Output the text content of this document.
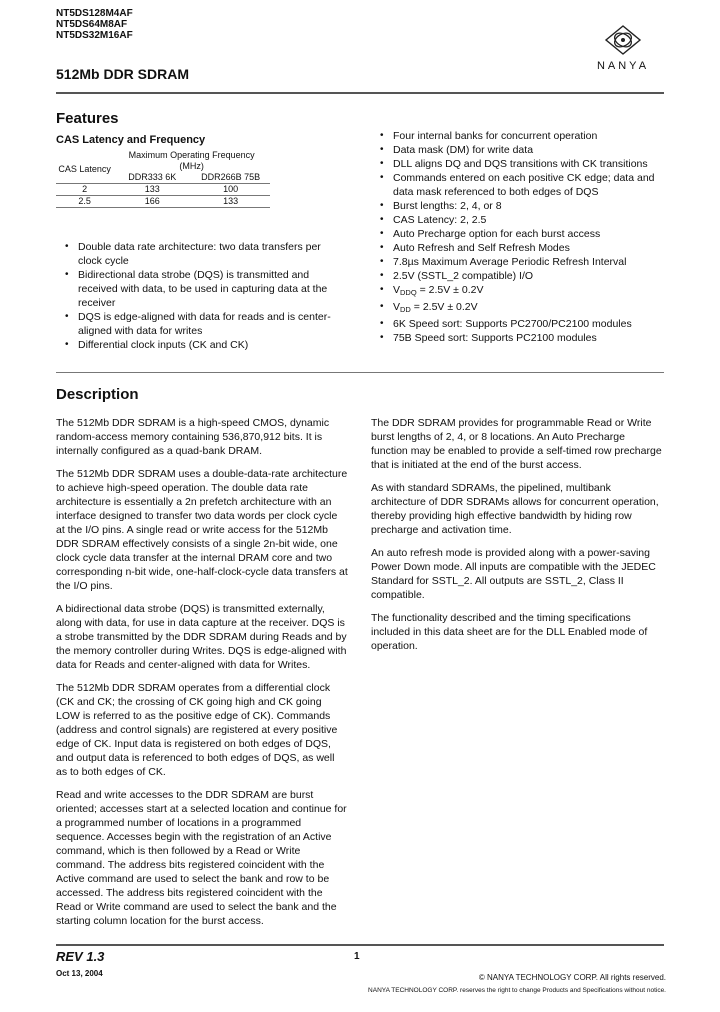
NT5DS128M4AF
NT5DS64M8AF
NT5DS32M16AF
512Mb DDR SDRAM	NANYA
Features
CAS Latency and Frequency
CAS Latency	Maximum Operating Frequency (MHz)	
	DDR333 6K	DDR266B 75B
2	133	100
2.5	166	133
• Double data rate architecture: two data transfers per clock cycle
• Bidirectional data strobe (DQS) is transmitted and received with data, to be used in capturing data at the receiver
• DQS is edge-aligned with data for reads and is center-aligned with data for writes
• Differential clock inputs (CK and CK)
• Four internal banks for concurrent operation
• Data mask (DM) for write data
• DLL aligns DQ and DQS transitions with CK transitions
• Commands entered on each positive CK edge; data and data mask referenced to both edges of DQS
• Burst lengths: 2, 4, or 8
• CAS Latency: 2, 2.5
• Auto Precharge option for each burst access
• Auto Refresh and Self Refresh Modes
• 7.8µs Maximum Average Periodic Refresh Interval
• 2.5V (SSTL_2 compatible) I/O
• VDDQ = 2.5V ± 0.2V
• VDD = 2.5V ± 0.2V
• 6K Speed sort: Supports PC2700/PC2100 modules
• 75B Speed sort: Supports PC2100 modules
Description

The 512Mb DDR SDRAM is a high-speed CMOS, dynamic random-access memory containing 536,870,912 bits. It is internally configured as a quad-bank DRAM.

The 512Mb DDR SDRAM uses a double-data-rate architecture to achieve high-speed operation. The double data rate architecture is essentially a 2n prefetch architecture with an interface designed to transfer two data words per clock cycle at the I/O pins. A single read or write access for the 512Mb DDR SDRAM effectively consists of a single 2n-bit wide, one clock cycle data transfer at the internal DRAM core and two corresponding n-bit wide, one-half-clock-cycle data transfers at the I/O pins.

A bidirectional data strobe (DQS) is transmitted externally, along with data, for use in data capture at the receiver. DQS is a strobe transmitted by the DDR SDRAM during Reads and by the memory controller during Writes. DQS is edge-aligned with data for Reads and center-aligned with data for Writes.

The 512Mb DDR SDRAM operates from a differential clock (CK and CK; the crossing of CK going high and CK going LOW is referred to as the positive edge of CK). Commands (address and control signals) are registered at every positive edge of CK. Input data is registered on both edges of DQS, and output data is referenced to both edges of DQS, as well as to both edges of CK.

Read and write accesses to the DDR SDRAM are burst oriented; accesses start at a selected location and continue for a programmed number of locations in a programmed sequence. Accesses begin with the registration of an Active command, which is then followed by a Read or Write command. The address bits registered coincident with the Active command are used to select the bank and row to be accessed. The address bits registered coincident with the Read or Write command are used to select the bank and the starting column location for the burst access.

The DDR SDRAM provides for programmable Read or Write burst lengths of 2, 4, or 8 locations. An Auto Precharge function may be enabled to provide a self-timed row precharge that is initiated at the end of the burst access.

As with standard SDRAMs, the pipelined, multibank architecture of DDR SDRAMs allows for concurrent operation, thereby providing high effective bandwidth by hiding row precharge and activation time.

An auto refresh mode is provided along with a power-saving Power Down mode. All inputs are compatible with the JEDEC Standard for SSTL_2. All outputs are SSTL_2, Class II compatible.

The functionality described and the timing specifications included in this data sheet are for the DLL Enabled mode of operation.

REV 1.3
Oct 13, 2004
1
© NANYA TECHNOLOGY CORP. All rights reserved.
NANYA TECHNOLOGY CORP. reserves the right to change Products and Specifications without notice.
